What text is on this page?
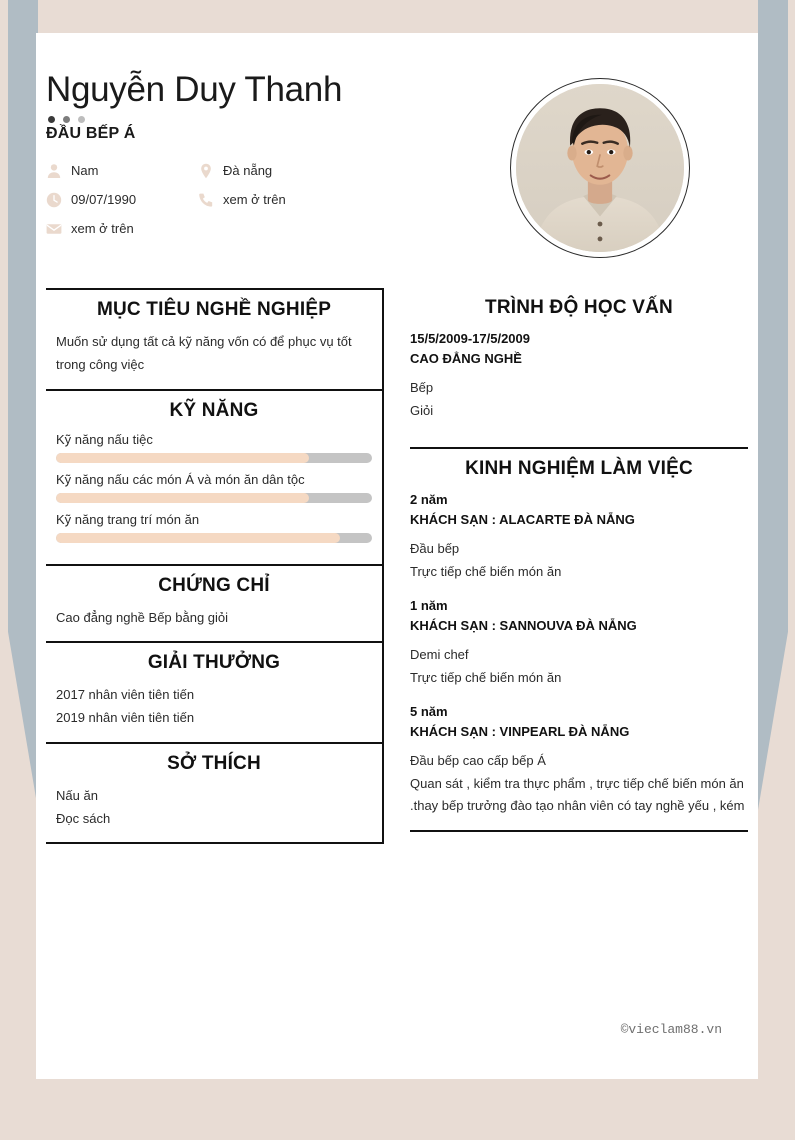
Nguyễn Duy Thanh
ĐẦU BẾP Á
Nam	Đà nẵng
09/07/1990	xem ở trên
xem ở trên
MỤC TIÊU NGHỀ NGHIỆP
Muốn sử dụng tất cả kỹ năng vốn có để phục vụ tốt trong công việc
KỸ NĂNG
Kỹ năng nấu tiệc
Kỹ năng nấu các món Á và món ăn dân tộc
Kỹ năng trang trí món ăn
CHỨNG CHỈ
Cao đẳng nghề Bếp bằng giỏi
GIẢI THƯỞNG
2017 nhân viên tiên tiến
2019 nhân viên tiên tiến
SỞ THÍCH
Nấu ăn
Đọc sách
TRÌNH ĐỘ HỌC VẤN
15/5/2009-17/5/2009
CAO ĐẲNG NGHỀ
Bếp
Giỏi
KINH NGHIỆM LÀM VIỆC
2 năm
KHÁCH SẠN : ALACARTE ĐÀ NẴNG
Đầu bếp
Trực tiếp chế biến món ăn
1 năm
KHÁCH SẠN : SANNOUVA ĐÀ NẴNG
Demi chef
Trực tiếp chế biến món ăn
5 năm
KHÁCH SẠN : VINPEARL ĐÀ NẴNG
Đầu bếp cao cấp bếp Á
Quan sát , kiểm tra thực phẩm , trực tiếp chế biến món ăn .thay bếp trưởng đào tạo nhân viên có tay nghề yếu , kém
©vieclam88.vn
